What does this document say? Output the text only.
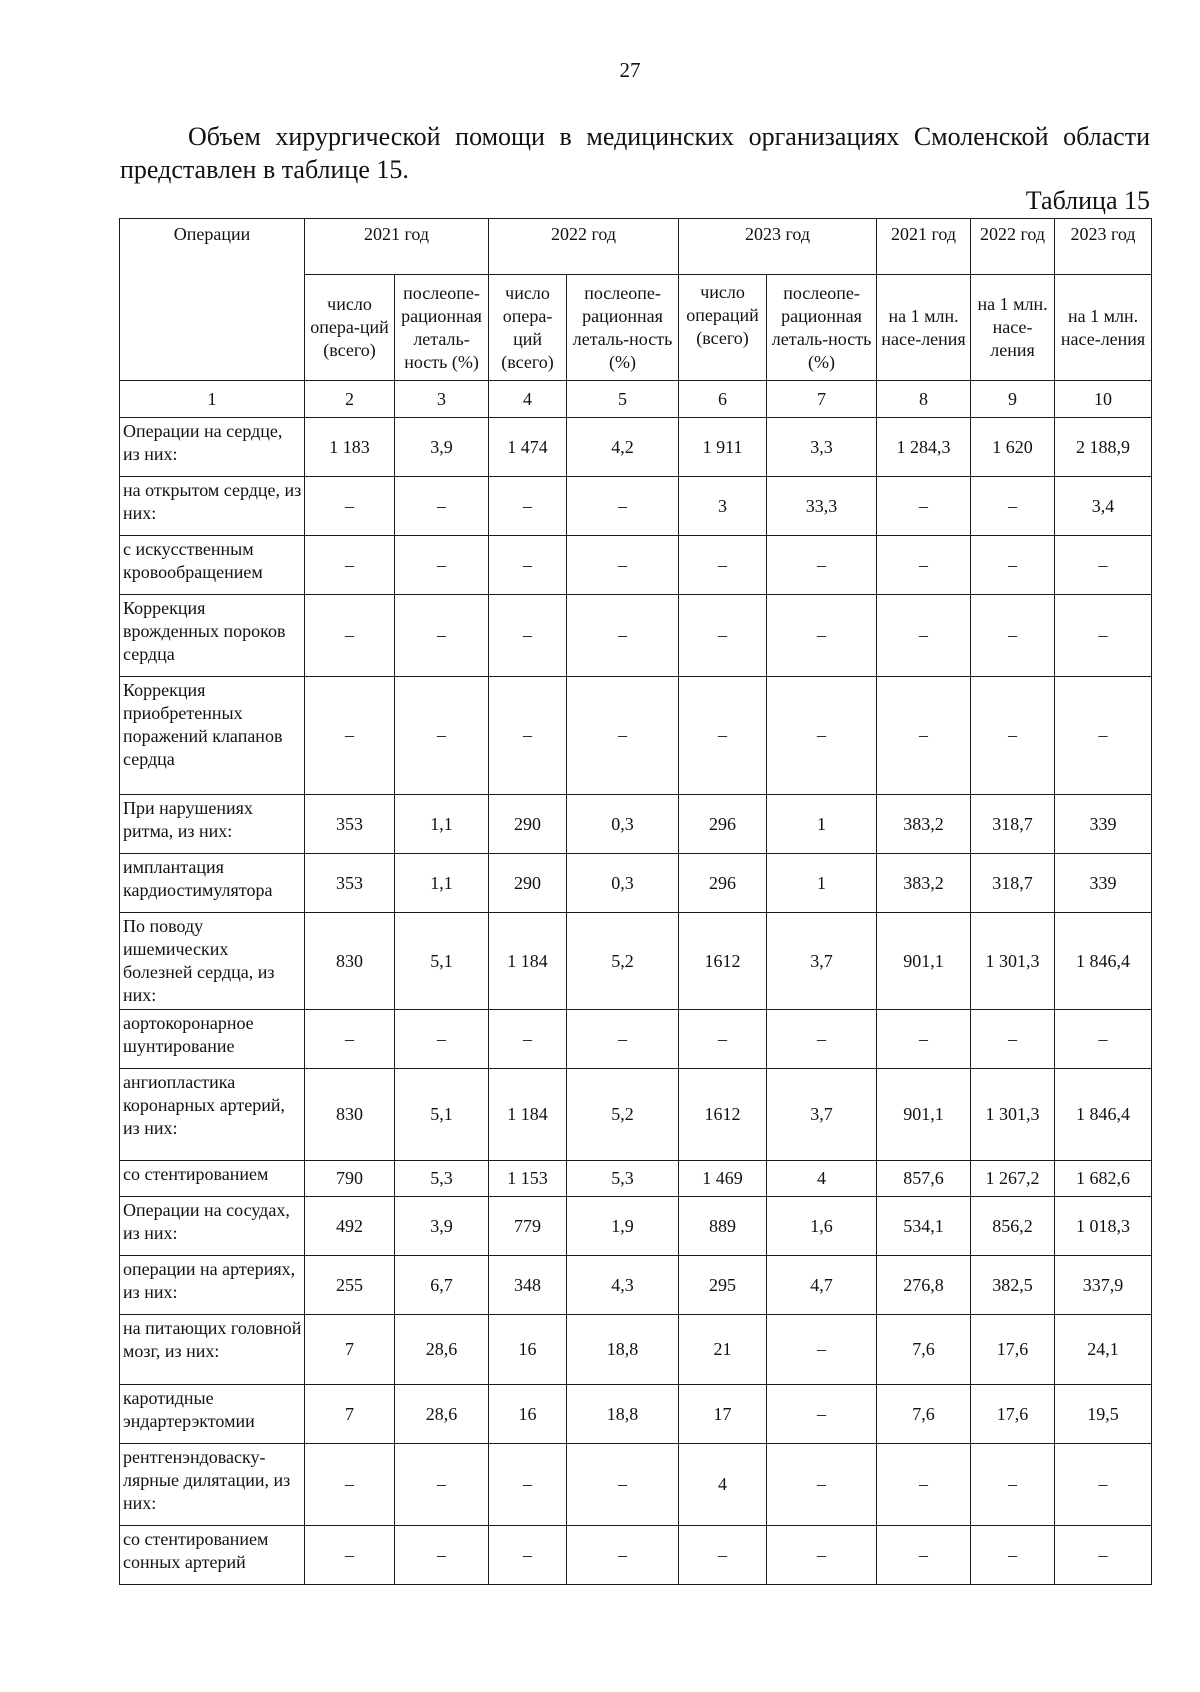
27
Объем хирургической помощи в медицинских организациях Смоленской области представлен в таблице 15.
Таблица 15
Операции	2021 год		2022 год		2023 год		2021 год	2022 год	2023 год
	число опера-ций (всего)	послеопе-рационная леталь-ность (%)	число опера-ций (всего)	послеопе-рационная леталь-ность (%)	число операций (всего)	послеопе-рационная леталь-ность (%)	на 1 млн. насе-ления	на 1 млн. насе-ления	на 1 млн. насе-ления
1	2	3	4	5	6	7	8	9	10
Операции на сердце, из них:	1 183	3,9	1 474	4,2	1 911	3,3	1 284,3	1 620	2 188,9
на открытом сердце, из них:	–	–	–	–	3	33,3	–	–	3,4
с искусственным кровообращением	–	–	–	–	–	–	–	–	–
Коррекция врожденных пороков сердца	–	–	–	–	–	–	–	–	–
Коррекция приобретенных поражений клапанов сердца	–	–	–	–	–	–	–	–	–
При нарушениях ритма, из них:	353	1,1	290	0,3	296	1	383,2	318,7	339
имплантация кардиостимулятора	353	1,1	290	0,3	296	1	383,2	318,7	339
По поводу ишемических болезней сердца, из них:	830	5,1	1 184	5,2	1612	3,7	901,1	1 301,3	1 846,4
аортокоронарное шунтирование	–	–	–	–	–	–	–	–	–
ангиопластика коронарных артерий, из них:	830	5,1	1 184	5,2	1612	3,7	901,1	1 301,3	1 846,4
со стентированием	790	5,3	1 153	5,3	1 469	4	857,6	1 267,2	1 682,6
Операции на сосудах, из них:	492	3,9	779	1,9	889	1,6	534,1	856,2	1 018,3
операции на артериях, из них:	255	6,7	348	4,3	295	4,7	276,8	382,5	337,9
на питающих головной мозг, из них:	7	28,6	16	18,8	21	–	7,6	17,6	24,1
каротидные эндартерэктомии	7	28,6	16	18,8	17	–	7,6	17,6	19,5
рентгенэндоваску-лярные дилятации, из них:	–	–	–	–	4	–	–	–	–
со стентированием сонных артерий	–	–	–	–	–	–	–	–	–
